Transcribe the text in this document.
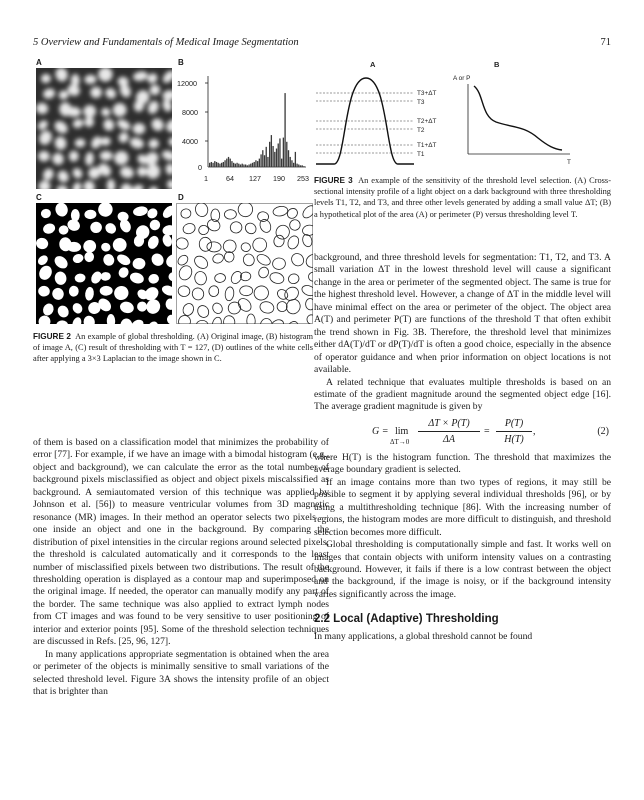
5 Overview and Fundamentals of Medical Image Segmentation	71
A	B
C	D
12000
8000
4000
0
1	64 127 190 253
FIGURE 2 An example of global thresholding. (A) Original image, (B) histogram of image A, (C) result of thresholding with T = 127, (D) outlines of the white cells after applying a 3×3 Laplacian to the image shown in C.
A	B
T3+ΔT
T3
T2+ΔT
T2
T1+ΔT
T1
A or P
T
FIGURE 3 An example of the sensitivity of the threshold level selection. (A) Cross-sectional intensity profile of a light object on a dark background with three thresholding levels T1, T2, and T3, and three other levels generated by adding a small value ΔT; (B) a hypothetical plot of the area (A) or perimeter (P) versus thresholding level T.

of them is based on a classification model that minimizes the probability of error [77]. For example, if we have an image with a bimodal histogram (e.g., object and background), we can calculate the error as the total number of background pixels misclassified as object and object pixels miscalssified as background. A semiautomated version of this technique was applied by Johnson et al. [56]) to measure ventricular volumes from 3D magnetic resonance (MR) images. In their method an operator selects two pixels — one inside an object and one in the background. By comparing the distribution of pixel intensities in the circular regions around selected pixels, the threshold is calculated automatically and it corresponds to the least number of misclassified pixels between two distributions. The result of the thresholding operation is displayed as a contour map and superimposed on the original image. If needed, the operator can manually modify any part of the border. The same technique was also applied to extract lymph nodes from CT images and was found to be very sensitive to user positioning of interior and exterior points [95]. Some of the threshold selection techniques are discussed in Refs. [25, 96, 127].

In many applications appropriate segmentation is obtained when the area or perimeter of the objects is minimally sensitive to small variations of the selected threshold level. Figure 3A shows the intensity profile of an object that is brighter than

background, and three threshold levels for segmentation: T1, T2, and T3. A small variation ΔT in the lowest threshold level will cause a significant change in the area or perimeter of the segmented object. The same is true for the highest threshold level. However, a change of ΔT in the middle level will have minimal effect on the area or perimeter of the object. The object area A(T) and perimeter P(T) are functions of the threshold T that often exhibit the trend shown in Fig. 3B. Therefore, the threshold level that minimizes either dA(T)/dT or dP(T)/dT is often a good choice, especially in the absence of operator guidance and when prior information on object locations is not available.

A related technique that evaluates multiple thresholds is based on an estimate of the gradient magnitude around the segmented object edge [16]. The average gradient magnitude is given by

G = lim
ΔT→0
ΔT × P(T)
ΔA
=
P(T)
H(T)
,	(2)

where H(T) is the histogram function. The threshold that maximizes the average boundary gradient is selected.

If an image contains more than two types of regions, it may still be possible to segment it by applying several individual thresholds [96], or by using a multithresholding technique [86]. With the increasing number of regions, the histogram modes are more difficult to distinguish, and threshold selection becomes more difficult.

Global thresholding is computationally simple and fast. It works well on images that contain objects with uniform intensity values on a contrasting background. However, it fails if there is a low contrast between the object and the background, if the image is noisy, or if the background intensity varies significantly across the image.

2.2 Local (Adaptive) Thresholding

In many applications, a global threshold cannot be found
